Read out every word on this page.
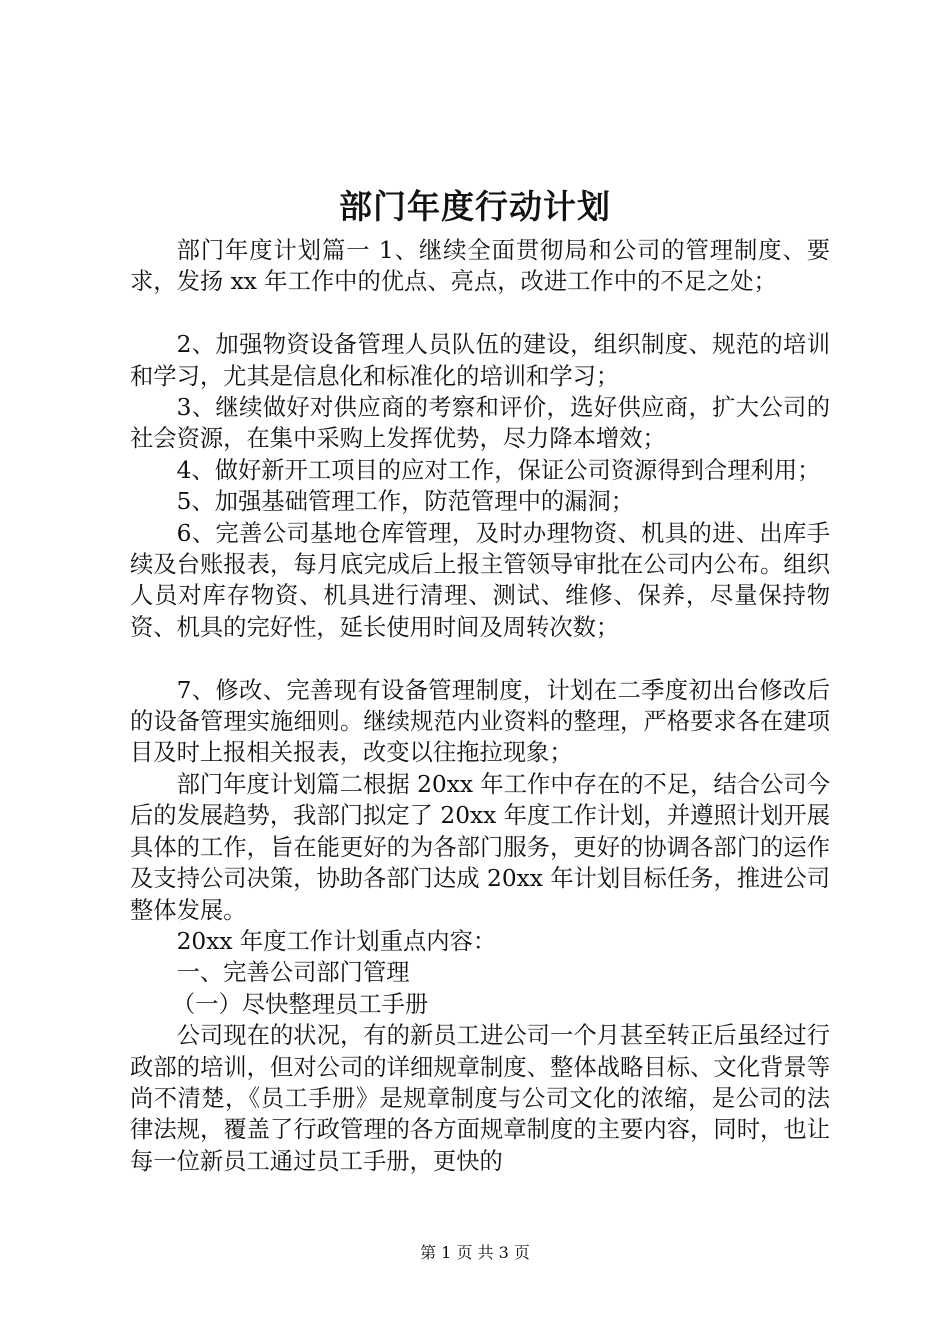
部门年度行动计划

部门年度计划篇一 1、继续全面贯彻局和公司的管理制度、要求，发扬 xx 年工作中的优点、亮点，改进工作中的不足之处；

2、加强物资设备管理人员队伍的建设，组织制度、规范的培训和学习，尤其是信息化和标准化的培训和学习；

3、继续做好对供应商的考察和评价，选好供应商，扩大公司的社会资源，在集中采购上发挥优势，尽力降本增效；

4、做好新开工项目的应对工作，保证公司资源得到合理利用；

5、加强基础管理工作，防范管理中的漏洞；

6、完善公司基地仓库管理，及时办理物资、机具的进、出库手续及台账报表，每月底完成后上报主管领导审批在公司内公布。组织人员对库存物资、机具进行清理、测试、维修、保养，尽量保持物资、机具的完好性，延长使用时间及周转次数；

7、修改、完善现有设备管理制度，计划在二季度初出台修改后的设备管理实施细则。继续规范内业资料的整理，严格要求各在建项目及时上报相关报表，改变以往拖拉现象；

部门年度计划篇二根据 20xx 年工作中存在的不足，结合公司今后的发展趋势，我部门拟定了 20xx 年度工作计划，并遵照计划开展具体的工作，旨在能更好的为各部门服务，更好的协调各部门的运作及支持公司决策，协助各部门达成 20xx 年计划目标任务，推进公司整体发展。

20xx 年度工作计划重点内容：

一、完善公司部门管理

（一）尽快整理员工手册

公司现在的状况，有的新员工进公司一个月甚至转正后虽经过行政部的培训，但对公司的详细规章制度、整体战略目标、文化背景等尚不清楚，《员工手册》是规章制度与公司文化的浓缩，是公司的法律法规，覆盖了行政管理的各方面规章制度的主要内容，同时，也让每一位新员工通过员工手册，更快的

第 1 页 共 3 页
